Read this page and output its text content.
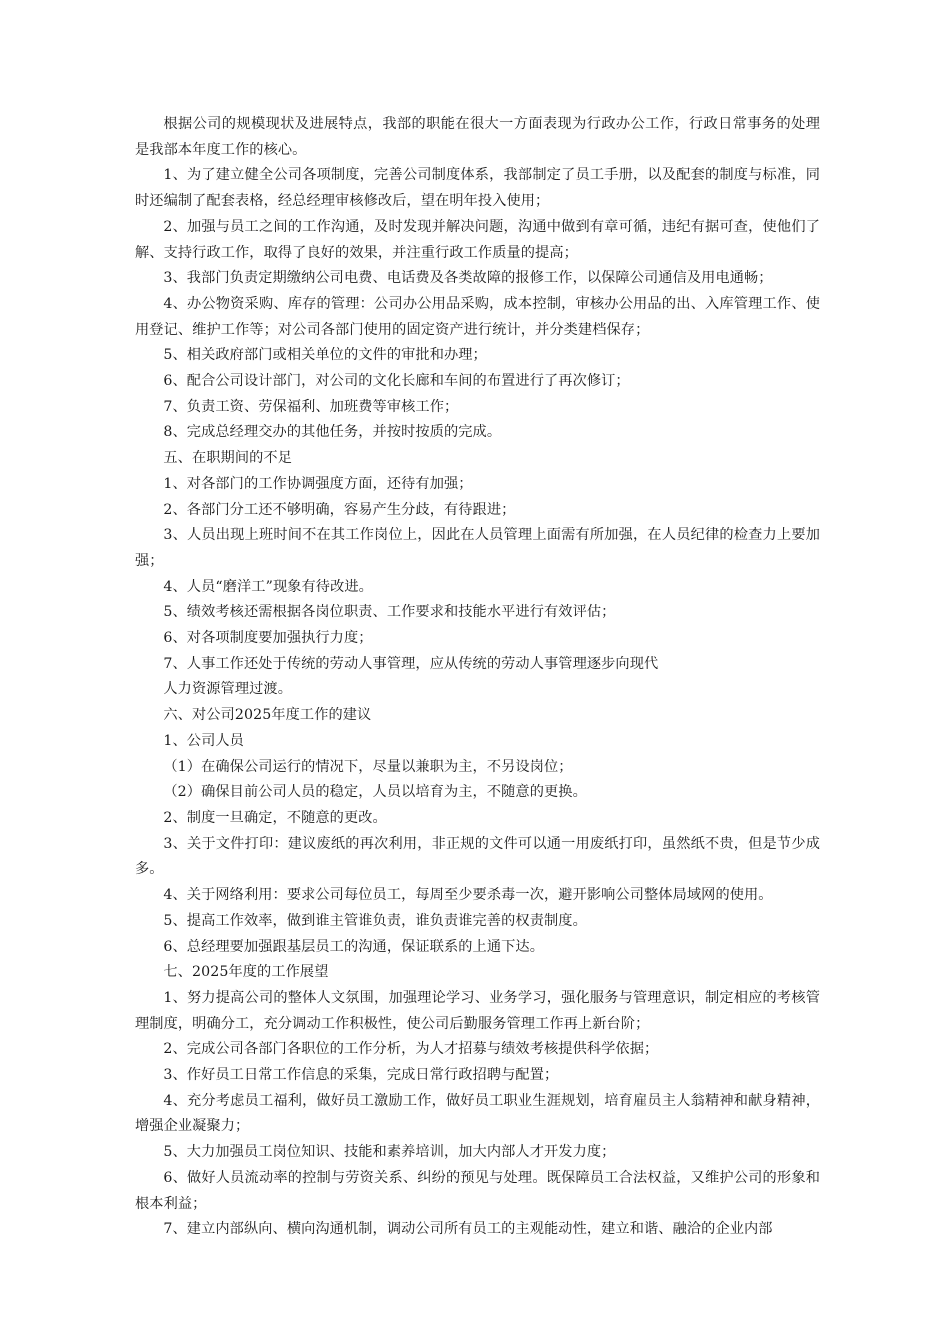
根据公司的规模现状及进展特点，我部的职能在很大一方面表现为行政办公工作，行政日常事务的处理是我部本年度工作的核心。

1、为了建立健全公司各项制度，完善公司制度体系，我部制定了员工手册，以及配套的制度与标准，同时还编制了配套表格，经总经理审核修改后，望在明年投入使用；

2、加强与员工之间的工作沟通，及时发现并解决问题，沟通中做到有章可循，违纪有据可查，使他们了解、支持行政工作，取得了良好的效果，并注重行政工作质量的提高；

3、我部门负责定期缴纳公司电费、电话费及各类故障的报修工作，以保障公司通信及用电通畅；

4、办公物资采购、库存的管理：公司办公用品采购，成本控制，审核办公用品的出、入库管理工作、使用登记、维护工作等；对公司各部门使用的固定资产进行统计，并分类建档保存；

5、相关政府部门或相关单位的文件的审批和办理；

6、配合公司设计部门，对公司的文化长廊和车间的布置进行了再次修订；

7、负责工资、劳保福利、加班费等审核工作；

8、完成总经理交办的其他任务，并按时按质的完成。

五、在职期间的不足

1、对各部门的工作协调强度方面，还待有加强；

2、各部门分工还不够明确，容易产生分歧，有待跟进；

3、人员出现上班时间不在其工作岗位上，因此在人员管理上面需有所加强，在人员纪律的检查力上要加强；

4、人员“磨洋工”现象有待改进。

5、绩效考核还需根据各岗位职责、工作要求和技能水平进行有效评估；

6、对各项制度要加强执行力度；

7、人事工作还处于传统的劳动人事管理，应从传统的劳动人事管理逐步向现代

人力资源管理过渡。

六、对公司2025年度工作的建议

1、公司人员

（1）在确保公司运行的情况下，尽量以兼职为主，不另设岗位；

（2）确保目前公司人员的稳定，人员以培育为主，不随意的更换。

2、制度一旦确定，不随意的更改。

3、关于文件打印：建议废纸的再次利用，非正规的文件可以通一用废纸打印，虽然纸不贵，但是节少成多。

4、关于网络利用：要求公司每位员工，每周至少要杀毒一次，避开影响公司整体局域网的使用。

5、提高工作效率，做到谁主管谁负责，谁负责谁完善的权责制度。

6、总经理要加强跟基层员工的沟通，保证联系的上通下达。

七、2025年度的工作展望

1、努力提高公司的整体人文氛围，加强理论学习、业务学习，强化服务与管理意识，制定相应的考核管理制度，明确分工，充分调动工作积极性，使公司后勤服务管理工作再上新台阶；

2、完成公司各部门各职位的工作分析，为人才招募与绩效考核提供科学依据；

3、作好员工日常工作信息的采集，完成日常行政招聘与配置；

4、充分考虑员工福利，做好员工激励工作，做好员工职业生涯规划，培育雇员主人翁精神和献身精神，增强企业凝聚力；

5、大力加强员工岗位知识、技能和素养培训，加大内部人才开发力度；

6、做好人员流动率的控制与劳资关系、纠纷的预见与处理。既保障员工合法权益，又维护公司的形象和根本利益；

7、建立内部纵向、横向沟通机制，调动公司所有员工的主观能动性，建立和谐、融洽的企业内部
